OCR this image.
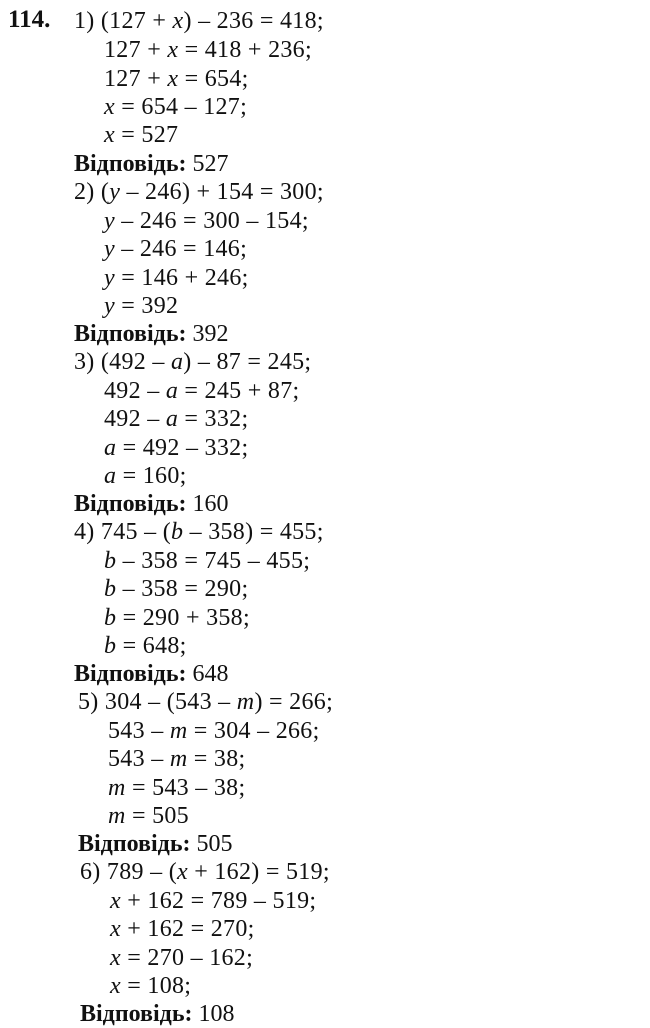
114. 1) (127 + x) – 236 = 418;
127 + x = 418 + 236;
127 + x = 654;
x = 654 – 127;
x = 527
Відповідь: 527
2) (y – 246) + 154 = 300;
y – 246 = 300 – 154;
y – 246 = 146;
y = 146 + 246;
y = 392
Відповідь: 392
3) (492 – a) – 87 = 245;
492 – a = 245 + 87;
492 – a = 332;
a = 492 – 332;
a = 160;
Відповідь: 160
4) 745 – (b – 358) = 455;
b – 358 = 745 – 455;
b – 358 = 290;
b = 290 + 358;
b = 648;
Відповідь: 648
5) 304 – (543 – m) = 266;
543 – m = 304 – 266;
543 – m = 38;
m = 543 – 38;
m = 505
Відповідь: 505
6) 789 – (x + 162) = 519;
x + 162 = 789 – 519;
x + 162 = 270;
x = 270 – 162;
x = 108;
Відповідь: 108
